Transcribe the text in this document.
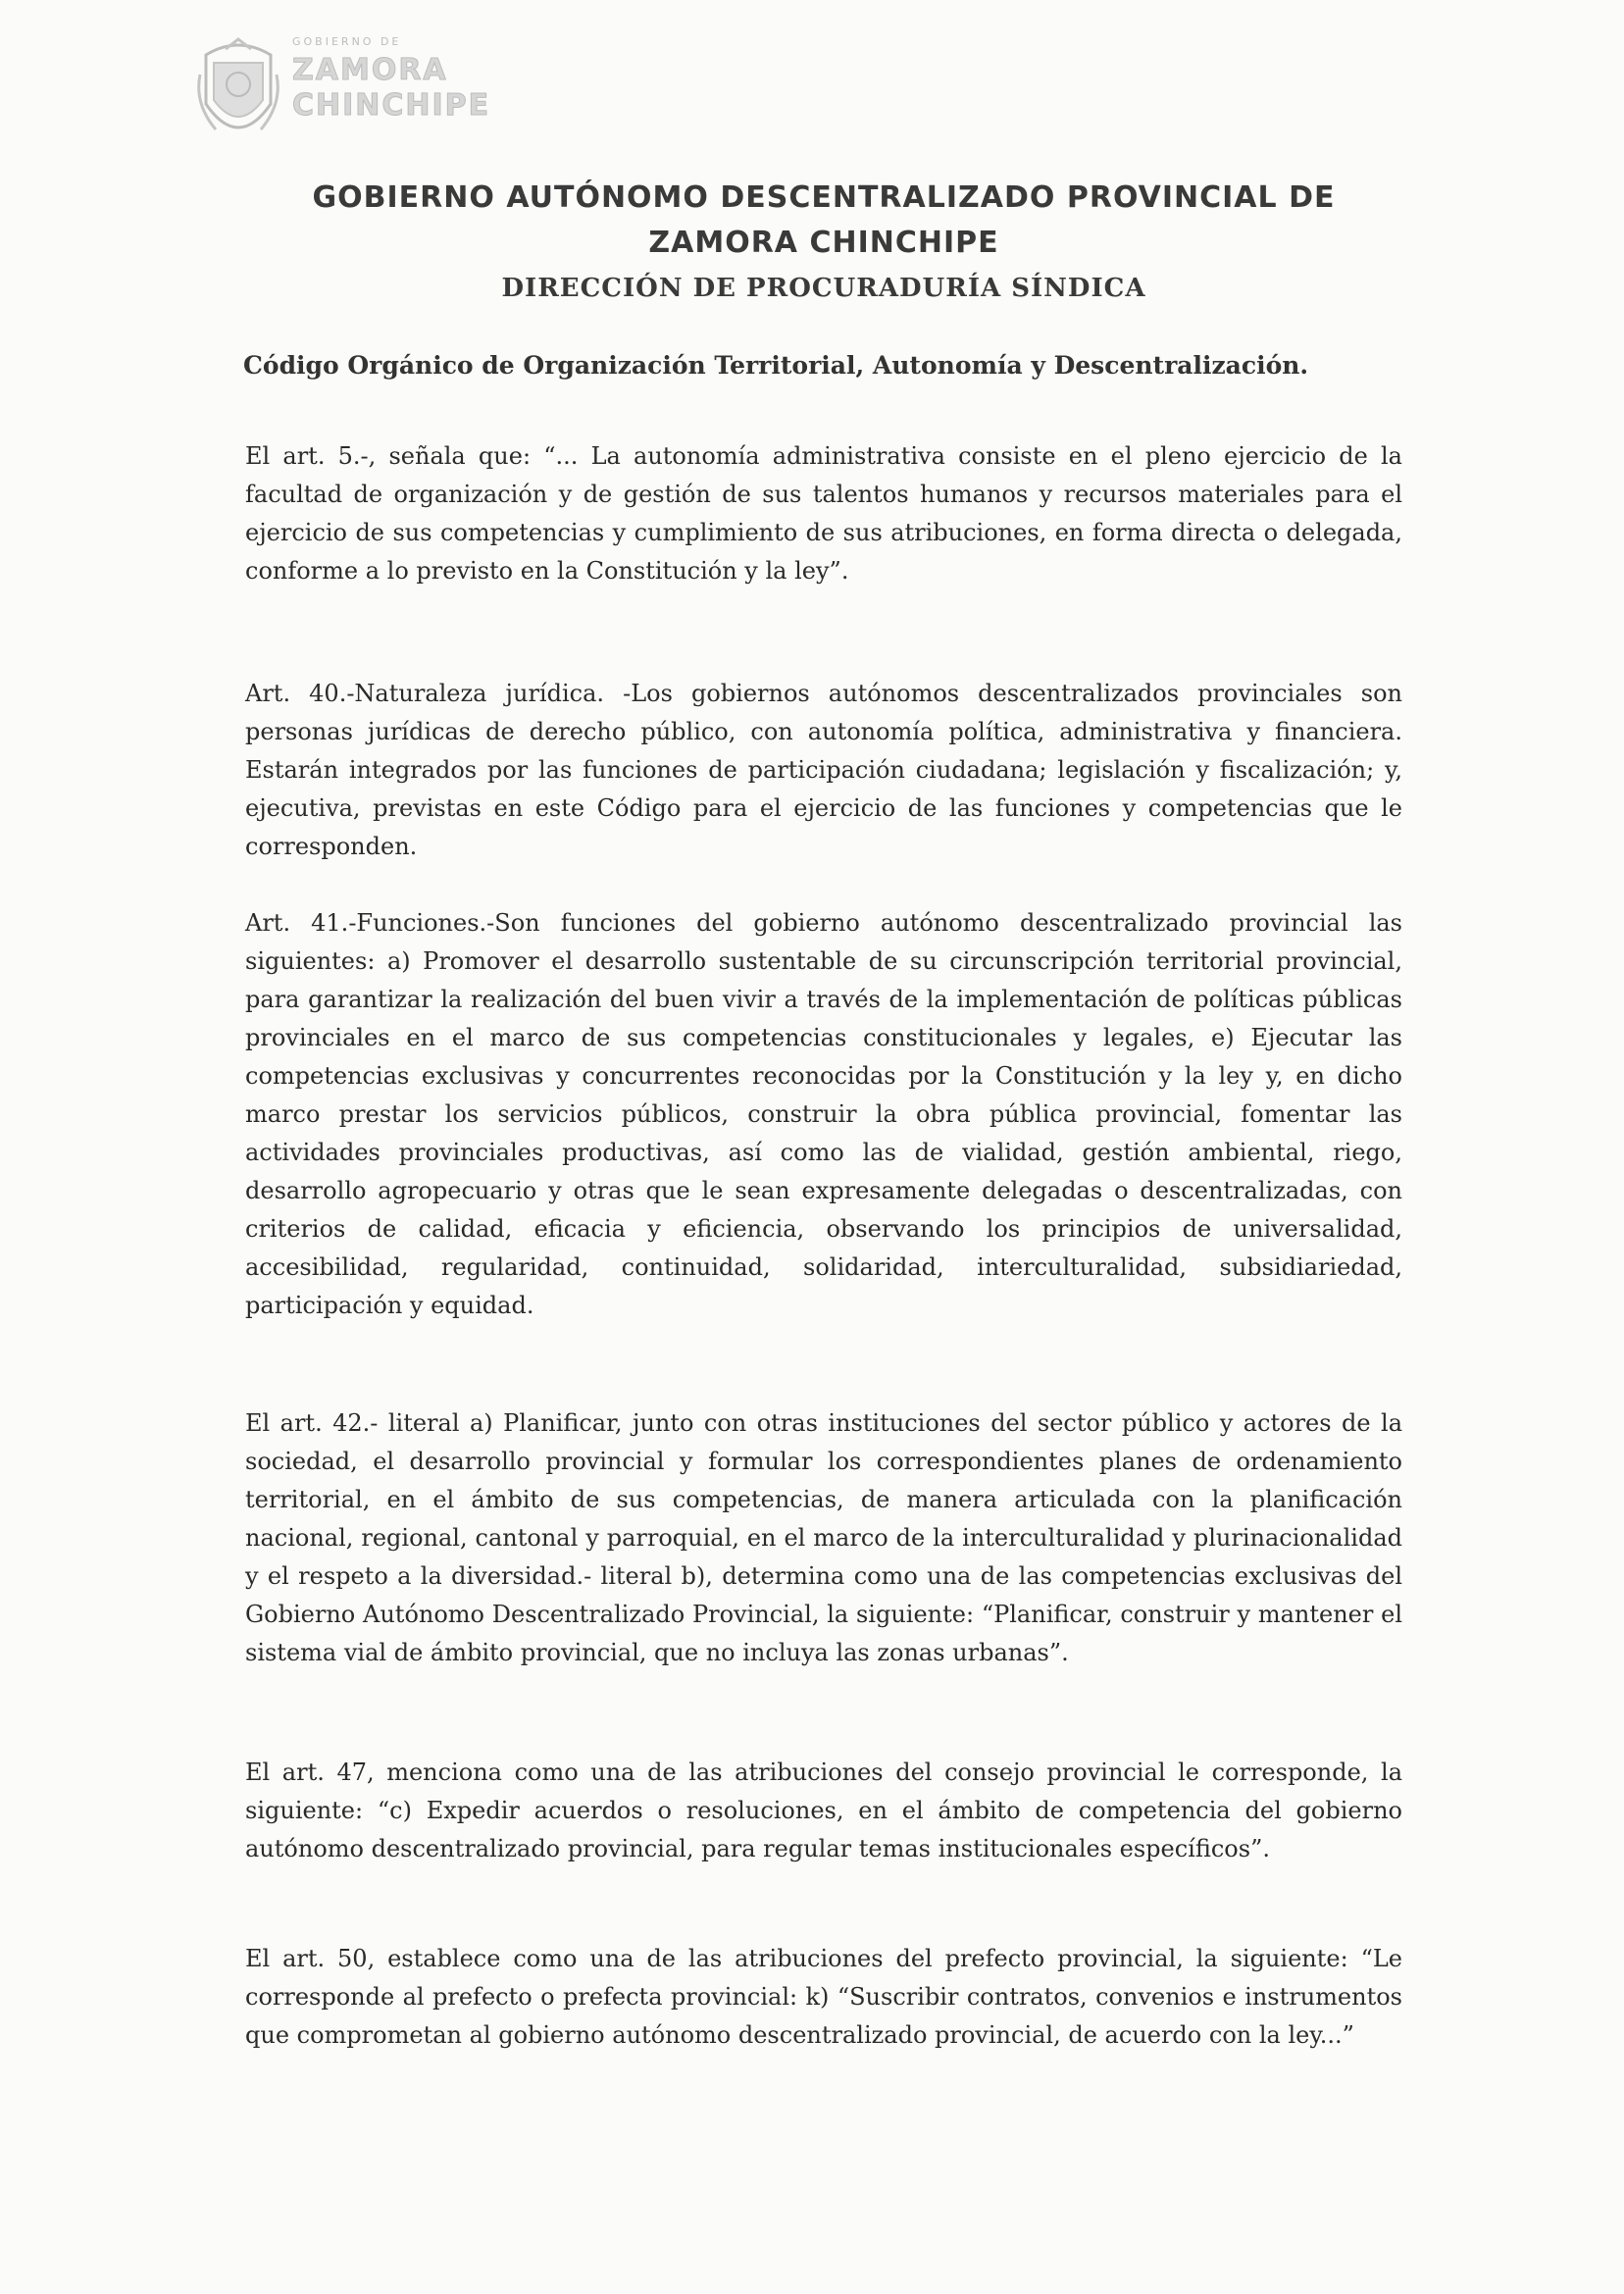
GOBIERNO DE
ZAMORA
CHINCHIPE
GOBIERNO AUTÓNOMO DESCENTRALIZADO PROVINCIAL DE
ZAMORA CHINCHIPE
DIRECCIÓN DE PROCURADURÍA SÍNDICA
Código Orgánico de Organización Territorial, Autonomía y Descentralización.

El art. 5.-, señala que: “... La autonomía administrativa consiste en el pleno ejercicio de la facultad de organización y de gestión de sus talentos humanos y recursos materiales para el ejercicio de sus competencias y cumplimiento de sus atribuciones, en forma directa o delegada, conforme a lo previsto en la Constitución y la ley”.

Art. 40.-Naturaleza jurídica. -Los gobiernos autónomos descentralizados provinciales son personas jurídicas de derecho público, con autonomía política, administrativa y financiera. Estarán integrados por las funciones de participación ciudadana; legislación y fiscalización; y, ejecutiva, previstas en este Código para el ejercicio de las funciones y competencias que le corresponden.

Art. 41.-Funciones.-Son funciones del gobierno autónomo descentralizado provincial las siguientes: a) Promover el desarrollo sustentable de su circunscripción territorial provincial, para garantizar la realización del buen vivir a través de la implementación de políticas públicas provinciales en el marco de sus competencias constitucionales y legales, e) Ejecutar las competencias exclusivas y concurrentes reconocidas por la Constitución y la ley y, en dicho marco prestar los servicios públicos, construir la obra pública provincial, fomentar las actividades provinciales productivas, así como las de vialidad, gestión ambiental, riego, desarrollo agropecuario y otras que le sean expresamente delegadas o descentralizadas, con criterios de calidad, eficacia y eficiencia, observando los principios de universalidad, accesibilidad, regularidad, continuidad, solidaridad, interculturalidad, subsidiariedad, participación y equidad.

El art. 42.- literal a) Planificar, junto con otras instituciones del sector público y actores de la sociedad, el desarrollo provincial y formular los correspondientes planes de ordenamiento territorial, en el ámbito de sus competencias, de manera articulada con la planificación nacional, regional, cantonal y parroquial, en el marco de la interculturalidad y plurinacionalidad y el respeto a la diversidad.- literal b), determina como una de las competencias exclusivas del Gobierno Autónomo Descentralizado Provincial, la siguiente: “Planificar, construir y mantener el sistema vial de ámbito provincial, que no incluya las zonas urbanas”.

El art. 47, menciona como una de las atribuciones del consejo provincial le corresponde, la siguiente: “c) Expedir acuerdos o resoluciones, en el ámbito de competencia del gobierno autónomo descentralizado provincial, para regular temas institucionales específicos”.

El art. 50, establece como una de las atribuciones del prefecto provincial, la siguiente: “Le corresponde al prefecto o prefecta provincial: k) “Suscribir contratos, convenios e instrumentos que comprometan al gobierno autónomo descentralizado provincial, de acuerdo con la ley...”
